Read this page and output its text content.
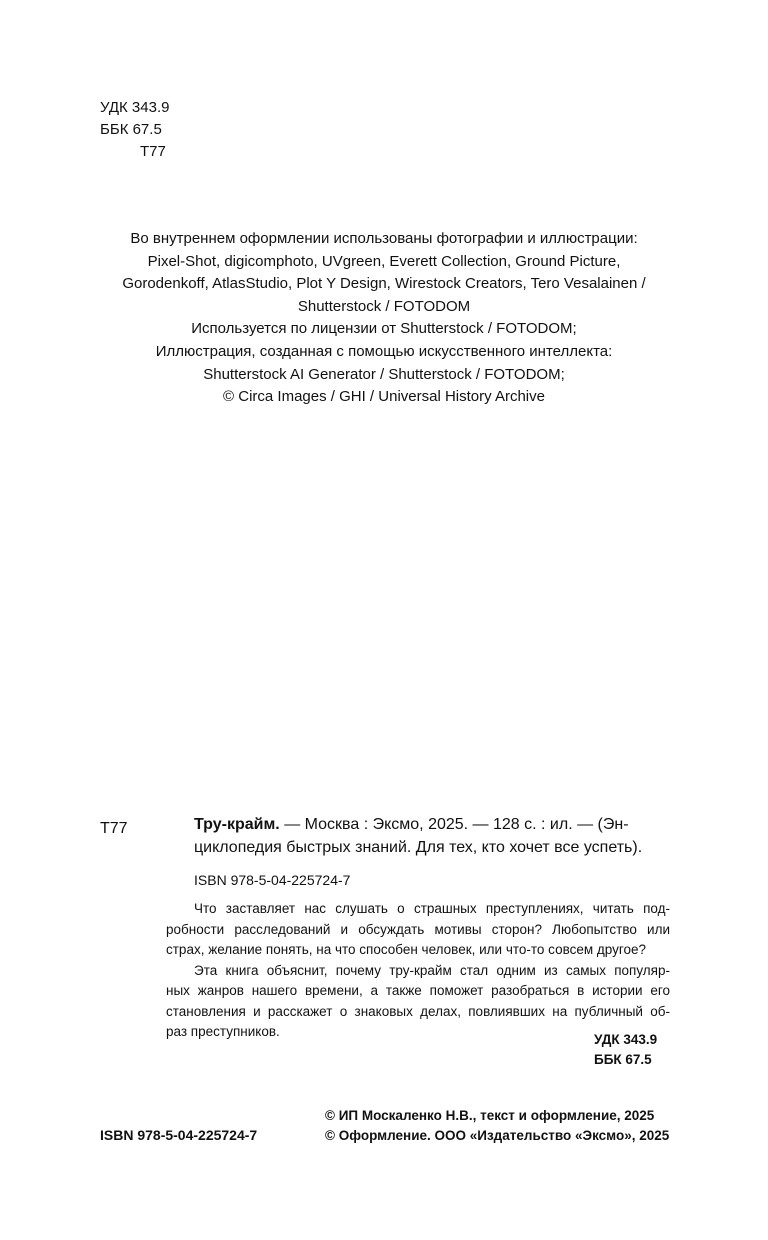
УДК 343.9
ББК 67.5
Т77
Во внутреннем оформлении использованы фотографии и иллюстрации:
Pixel-Shot, digicomphoto, UVgreen, Everett Collection, Ground Picture,
Gorodenkoff, AtlasStudio, Plot Y Design, Wirestock Creators, Tero Vesalainen /
Shutterstock / FOTODOM
Используется по лицензии от Shutterstock / FOTODOM;
Иллюстрация, созданная с помощью искусственного интеллекта:
Shutterstock AI Generator / Shutterstock / FOTODOM;
© Circa Images / GHI / Universal History Archive
Т77	Тру-крайм. — Москва : Эксмо, 2025. — 128 с. : ил. — (Эн-
циклопедия быстрых знаний. Для тех, кто хочет все успеть).
ISBN 978-5-04-225724-7
Что заставляет нас слушать о страшных преступлениях, читать под-
робности расследований и обсуждать мотивы сторон? Любопытство или
страх, желание понять, на что способен человек, или что-то совсем другое?
Эта книга объяснит, почему тру-крайм стал одним из самых популяр-
ных жанров нашего времени, а также поможет разобраться в истории его
становления и расскажет о знаковых делах, повлиявших на публичный об-
раз преступников.
УДК 343.9
ББК 67.5
ISBN 978-5-04-225724-7
© ИП Москаленко Н.В., текст и оформление, 2025
© Оформление. ООО «Издательство «Эксмо», 2025
